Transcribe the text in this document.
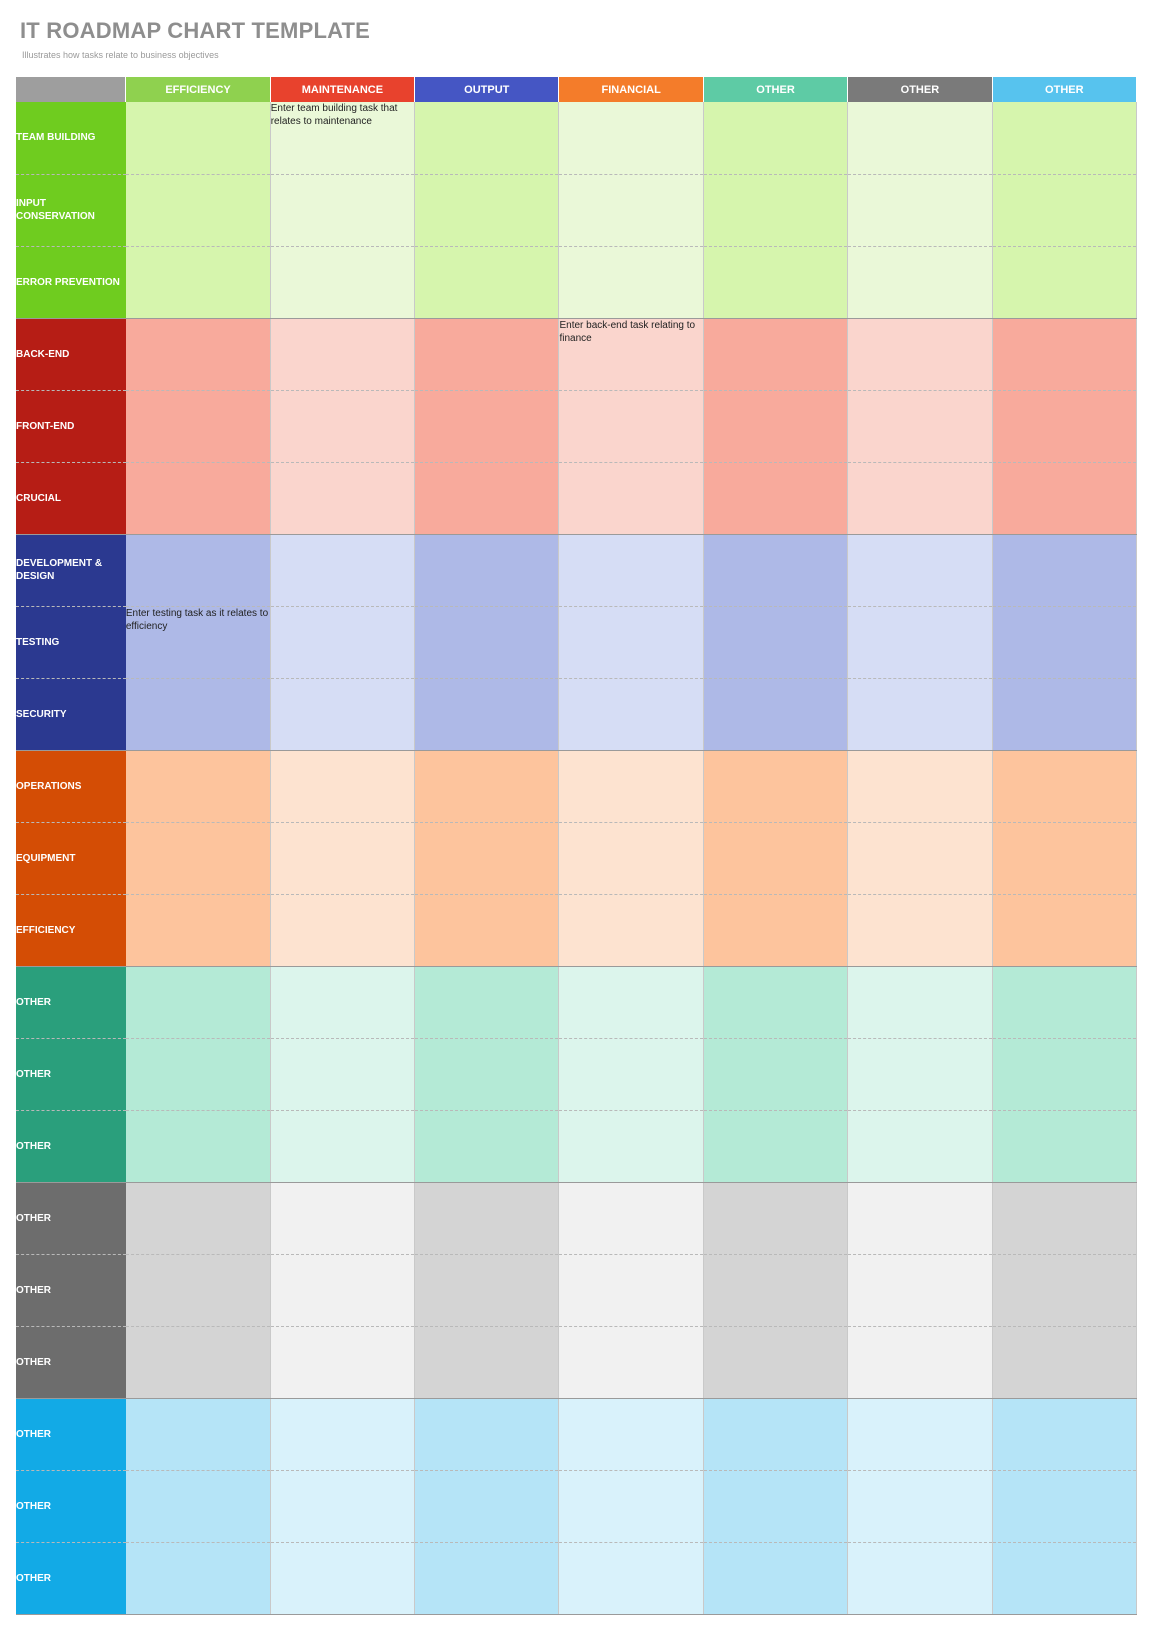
IT ROADMAP CHART TEMPLATE
Illustrates how tasks relate to business objectives
	EFFICIENCY	MAINTENANCE	OUTPUT	FINANCIAL	OTHER	OTHER	OTHER
TEAM BUILDING		Enter team building task that relates to maintenance					
INPUT CONSERVATION							
ERROR PREVENTION							
BACK-END				Enter back-end task relating to finance			
FRONT-END							
CRUCIAL							
DEVELOPMENT & DESIGN							
TESTING	Enter testing task as it relates to efficiency						
SECURITY							
OPERATIONS							
EQUIPMENT							
EFFICIENCY							
OTHER							
OTHER							
OTHER							
OTHER							
OTHER							
OTHER							
OTHER							
OTHER							
OTHER							
